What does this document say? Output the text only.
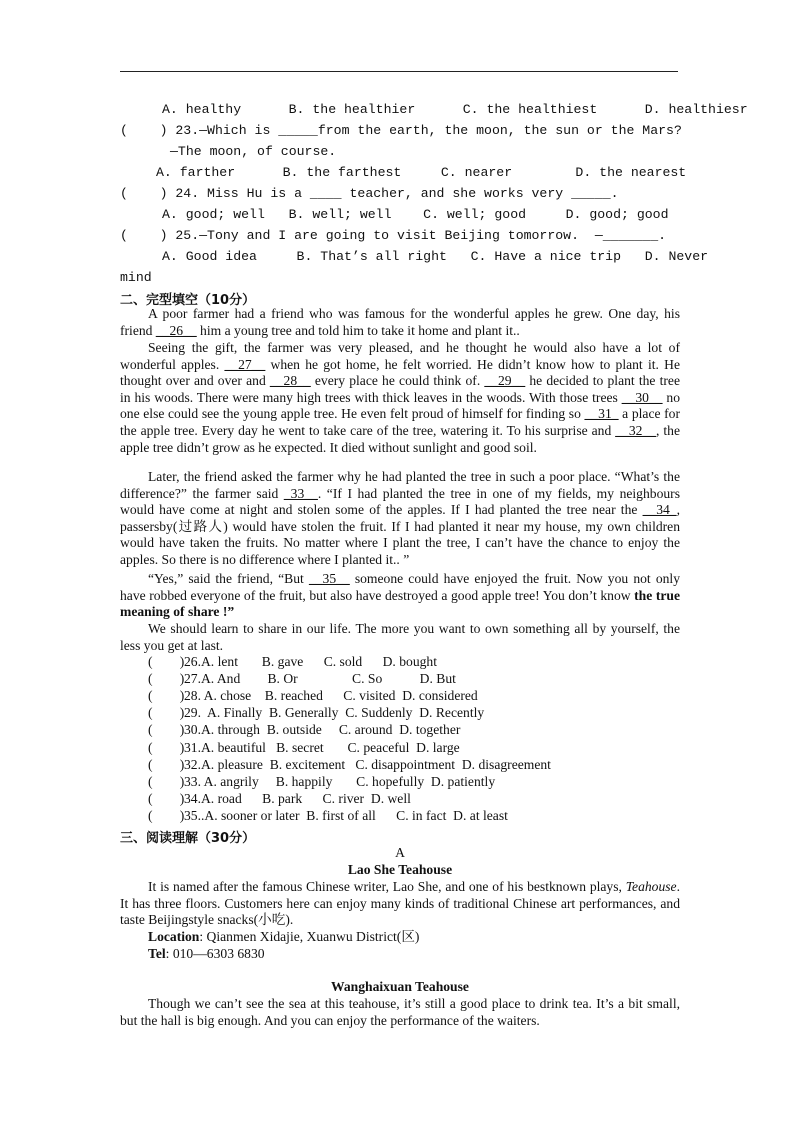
A. healthy      B. the healthier      C. the healthiest      D. healthiesr
(    ) 23.—Which is _____from the earth, the moon, the sun or the Mars?
—The moon, of course.
A. farther      B. the farthest     C. nearer        D. the nearest
(    ) 24. Miss Hu is a ____ teacher, and she works very _____.
A. good; well   B. well; well    C. well; good     D. good; good
(    ) 25.—Tony and I are going to visit Beijing tomorrow.  —_______.
A. Good idea     B. That’s all right   C. Have a nice trip   D. Never
mind
二、完型填空（10分）
A poor farmer had a friend who was famous for the wonderful apples he grew. One day, his friend __26__ him a young tree and told him to take it home and plant it..
Seeing the gift, the farmer was very pleased, and he thought he would also have a lot of wonderful apples. __27__ when he got home, he felt worried. He didn’t know how to plant it. He thought over and over and __28__ every place he could think of. __29__ he decided to plant the tree in his woods. There were many high trees with thick leaves in the woods. With those trees __30__ no one else could see the young apple tree. He even felt proud of himself for finding so __31_ a place for the apple tree. Every day he went to take care of the tree, watering it. To his surprise and __32__, the apple tree didn’t grow as he expected. It died without sunlight and good soil.
Later, the friend asked the farmer why he had planted the tree in such a poor place. “What’s the difference?” the farmer said _33__. “If I had planted the tree in one of my fields, my neighbours would have come at night and stolen some of the apples. If I had planted the tree near the __34_, passersby(过路人) would have stolen the fruit. If I had planted it near my house, my own children would have taken the fruits. No matter where I plant the tree, I can’t have the chance to enjoy the apples. So there is no difference where I planted it.. ”
“Yes,” said the friend, “But __35__ someone could have enjoyed the fruit. Now you not only have robbed everyone of the fruit, but also have destroyed a good apple tree! You don’t know the true meaning of share !”
We should learn to share in our life. The more you want to own something all by yourself, the less you get at last.
(        )26.A. lent       B. gave      C. sold      D. bought
(        )27.A. And        B. Or                C. So           D. But
(        )28. A. chose    B. reached      C. visited  D. considered
(        )29.  A. Finally  B. Generally  C. Suddenly  D. Recently
(        )30.A. through  B. outside     C. around  D. together
(        )31.A. beautiful   B. secret       C. peaceful  D. large
(        )32.A. pleasure  B. excitement   C. disappointment  D. disagreement
(        )33. A. angrily     B. happily       C. hopefully  D. patiently
(        )34.A. road      B. park      C. river  D. well
(        )35..A. sooner or later  B. first of all      C. in fact  D. at least
三、阅读理解（30分）
A
Lao She Teahouse
It is named after the famous Chinese writer, Lao She, and one of his bestknown plays, Teahouse. It has three floors. Customers here can enjoy many kinds of traditional Chinese art performances, and taste Beijingstyle snacks(小吃).
Location: Qianmen Xidajie, Xuanwu District(区)
Tel: 010—6303 6830
Wanghaixuan Teahouse
Though we can’t see the sea at this teahouse, it’s still a good place to drink tea. It’s a bit small, but the hall is big enough. And you can enjoy the performance of the waiters.
